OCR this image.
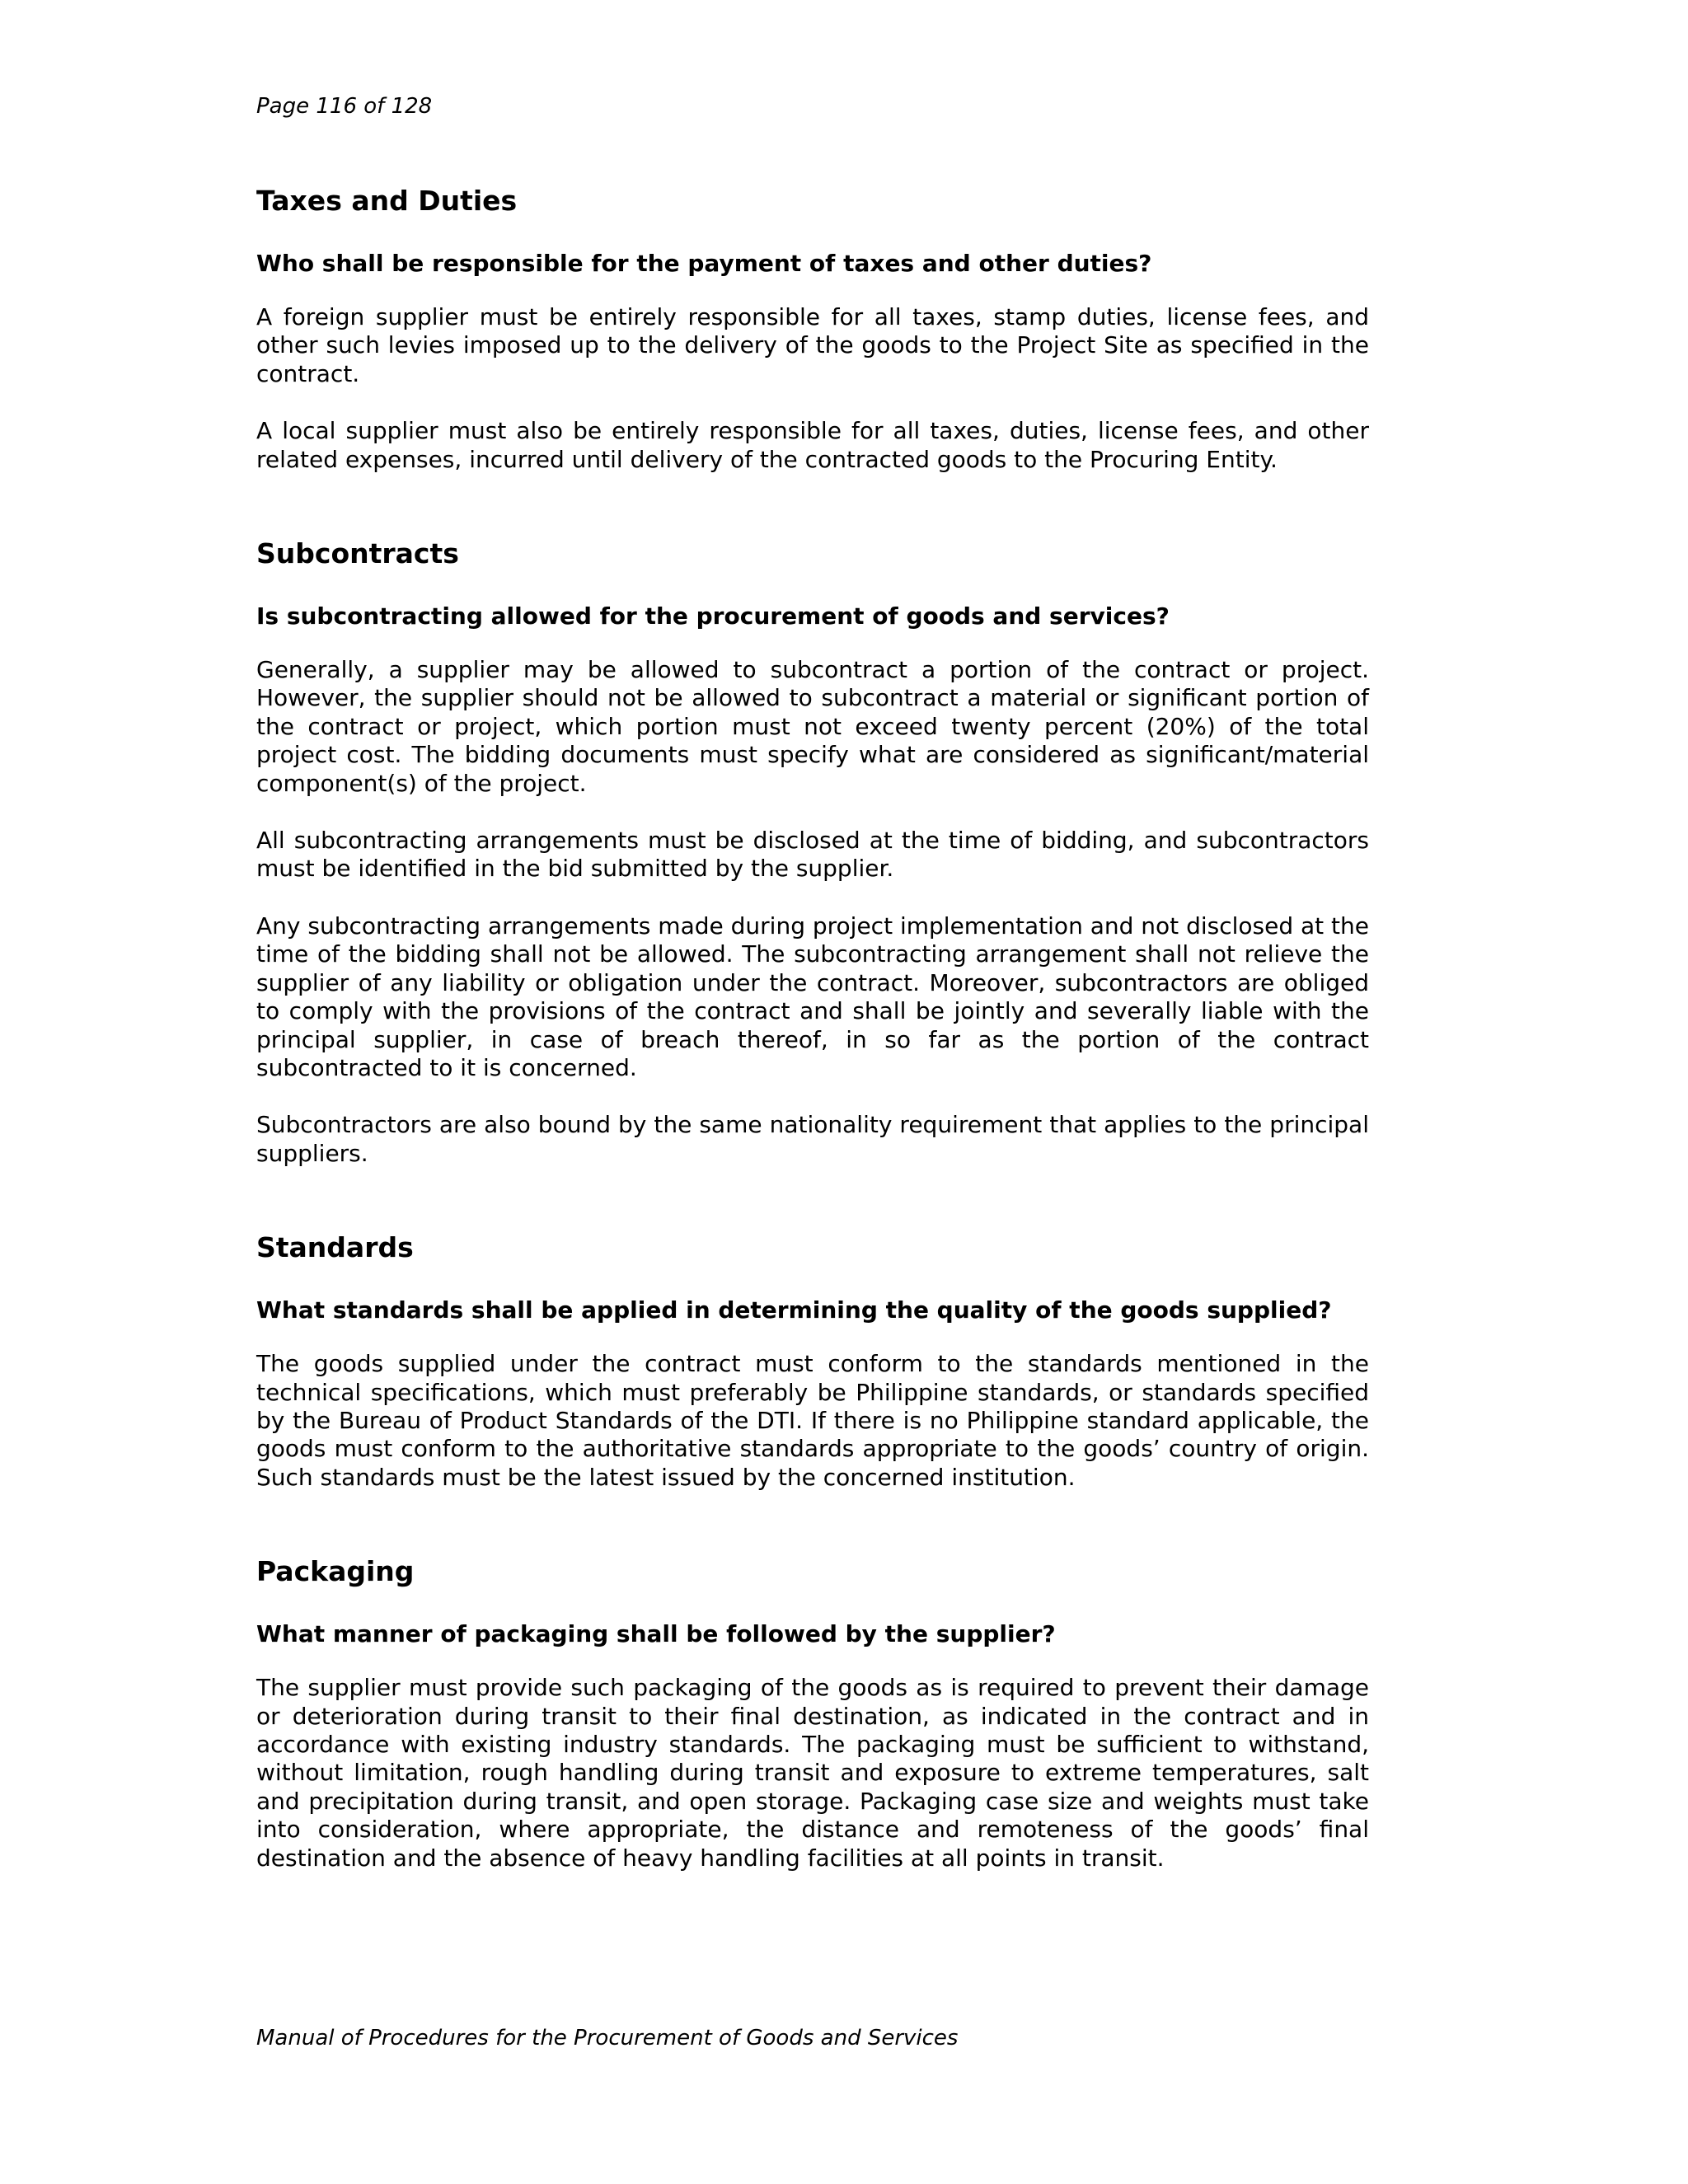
Page 116 of 128

Taxes and Duties

Who shall be responsible for the payment of taxes and other duties?

A foreign supplier must be entirely responsible for all taxes, stamp duties, license fees, and other such levies imposed up to the delivery of the goods to the Project Site as specified in the contract.

A local supplier must also be entirely responsible for all taxes, duties, license fees, and other related expenses, incurred until delivery of the contracted goods to the Procuring Entity.

Subcontracts

Is subcontracting allowed for the procurement of goods and services?

Generally, a supplier may be allowed to subcontract a portion of the contract or project. However, the supplier should not be allowed to subcontract a material or significant portion of the contract or project, which portion must not exceed twenty percent (20%) of the total project cost. The bidding documents must specify what are considered as significant/material component(s) of the project.

All subcontracting arrangements must be disclosed at the time of bidding, and subcontractors must be identified in the bid submitted by the supplier.

Any subcontracting arrangements made during project implementation and not disclosed at the time of the bidding shall not be allowed. The subcontracting arrangement shall not relieve the supplier of any liability or obligation under the contract. Moreover, subcontractors are obliged to comply with the provisions of the contract and shall be jointly and severally liable with the principal supplier, in case of breach thereof, in so far as the portion of the contract subcontracted to it is concerned.

Subcontractors are also bound by the same nationality requirement that applies to the principal suppliers.

Standards

What standards shall be applied in determining the quality of the goods supplied?

The goods supplied under the contract must conform to the standards mentioned in the technical specifications, which must preferably be Philippine standards, or standards specified by the Bureau of Product Standards of the DTI. If there is no Philippine standard applicable, the goods must conform to the authoritative standards appropriate to the goods’ country of origin. Such standards must be the latest issued by the concerned institution.

Packaging

What manner of packaging shall be followed by the supplier?

The supplier must provide such packaging of the goods as is required to prevent their damage or deterioration during transit to their final destination, as indicated in the contract and in accordance with existing industry standards. The packaging must be sufficient to withstand, without limitation, rough handling during transit and exposure to extreme temperatures, salt and precipitation during transit, and open storage. Packaging case size and weights must take into consideration, where appropriate, the distance and remoteness of the goods’ final destination and the absence of heavy handling facilities at all points in transit.

Manual of Procedures for the Procurement of Goods and Services
